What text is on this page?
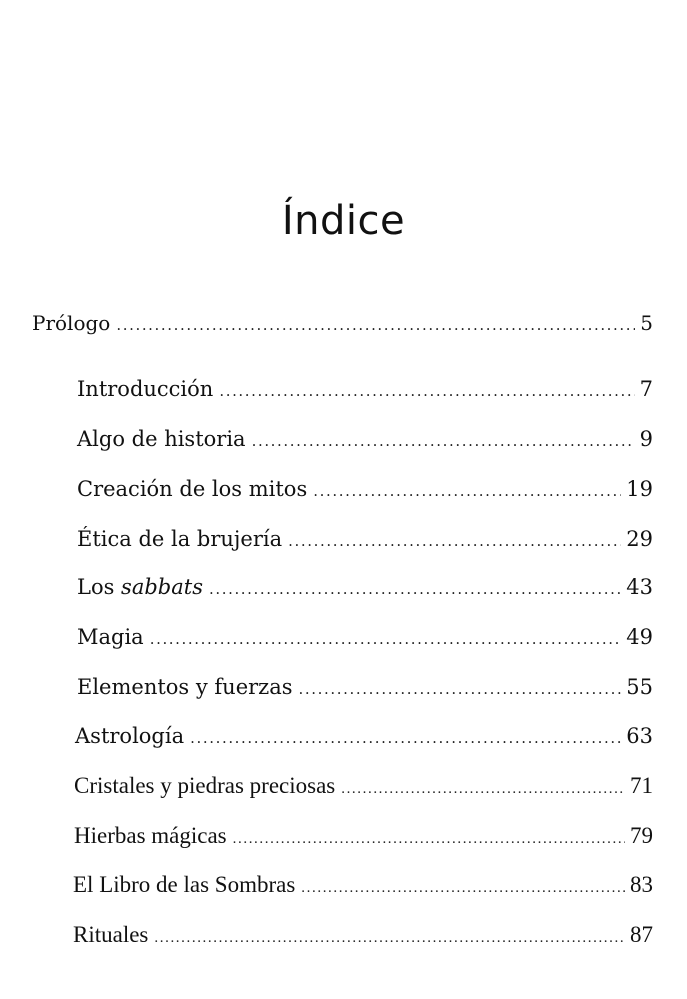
Índice
Prólogo .....	5
Introducción .....	7
Algo de historia .....	9
Creación de los mitos .....	19
Ética de la brujería .....	29
Los sabbats .....	43
Magia .....	49
Elementos y fuerzas .....	55
Astrología .....	63
Cristales y piedras preciosas .....	71
Hierbas mágicas .....	79
El Libro de las Sombras .....	83
Rituales .....	87
